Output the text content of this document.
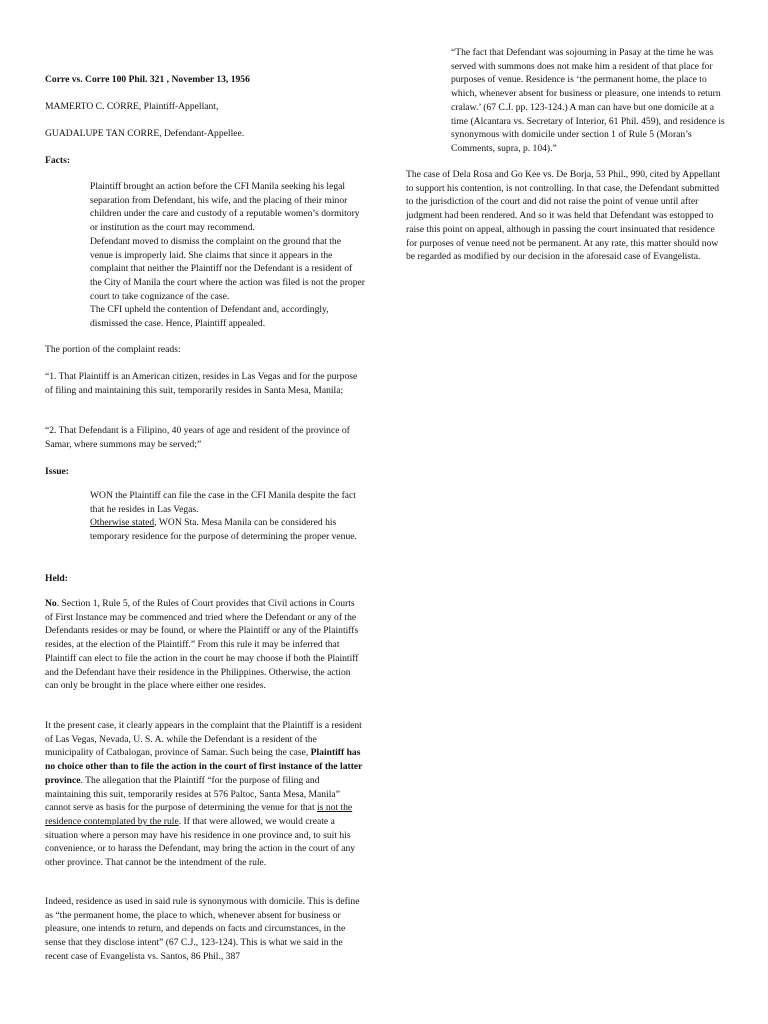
Corre vs. Corre 100 Phil. 321 , November 13, 1956

MAMERTO C. CORRE, Plaintiff-Appellant,

GUADALUPE TAN CORRE, Defendant-Appellee.

Facts:

Plaintiff brought an action before the CFI Manila seeking his legal separation from Defendant, his wife, and the placing of their minor children under the care and custody of a reputable women’s dormitory or institution as the court may recommend.

Defendant moved to dismiss the complaint on the ground that the venue is improperly laid. She claims that since it appears in the complaint that neither the Plaintiff nor the Defendant is a resident of the City of Manila the court where the action was filed is not the proper court to take cognizance of the case.

The CFI upheld the contention of Defendant and, accordingly, dismissed the case. Hence, Plaintiff appealed.

The portion of the complaint reads:

“1. That Plaintiff is an American citizen, resides in Las Vegas and for the purpose of filing and maintaining this suit, temporarily resides in Santa Mesa, Manila;

“2. That Defendant is a Filipino, 40 years of age and resident of the province of Samar, where summons may be served;”

Issue:

WON the Plaintiff can file the case in the CFI Manila despite the fact that he resides in Las Vegas.

Otherwise stated, WON Sta. Mesa Manila can be considered his temporary residence for the purpose of determining the proper venue.

Held:

No. Section 1, Rule 5, of the Rules of Court provides that Civil actions in Courts of First Instance may be commenced and tried where the Defendant or any of the Defendants resides or may be found, or where the Plaintiff or any of the Plaintiffs resides, at the election of the Plaintiff.” From this rule it may be inferred that Plaintiff can elect to file the action in the court he may choose if both the Plaintiff and the Defendant have their residence in the Philippines. Otherwise, the action can only be brought in the place where either one resides.

It the present case, it clearly appears in the complaint that the Plaintiff is a resident of Las Vegas, Nevada, U. S. A. while the Defendant is a resident of the municipality of Catbalogan, province of Samar. Such being the case, Plaintiff has no choice other than to file the action in the court of first instance of the latter province. The allegation that the Plaintiff “for the purpose of filing and maintaining this suit, temporarily resides at 576 Paltoc, Santa Mesa, Manila” cannot serve as basis for the purpose of determining the venue for that is not the residence contemplated by the rule. If that were allowed, we would create a situation where a person may have his residence in one province and, to suit his convenience, or to harass the Defendant, may bring the action in the court of any other province. That cannot be the intendment of the rule.

Indeed, residence as used in said rule is synonymous with domicile. This is define as “the permanent home, the place to which, whenever absent for business or pleasure, one intends to return, and depends on facts and circumstances, in the sense that they disclose intent” (67 C.J., 123-124). This is what we said in the recent case of Evangelista vs. Santos, 86 Phil., 387

“The fact that Defendant was sojourning in Pasay at the time he was served with summons does not make him a resident of that place for purposes of venue. Residence is ‘the permanent home, the place to which, whenever absent for business or pleasure, one intends to return cralaw.’ (67 C.J. pp. 123-124.) A man can have but one domicile at a time (Alcantara vs. Secretary of Interior, 61 Phil. 459), and residence is synonymous with domicile under section 1 of Rule 5 (Moran’s Comments, supra, p. 104).”

The case of Dela Rosa and Go Kee vs. De Borja, 53 Phil., 990, cited by Appellant to support his contention, is not controlling. In that case, the Defendant submitted to the jurisdiction of the court and did not raise the point of venue until after judgment had been rendered. And so it was held that Defendant was estopped to raise this point on appeal, although in passing the court insinuated that residence for purposes of venue need not be permanent. At any rate, this matter should now be regarded as modified by our decision in the aforesaid case of Evangelista.
